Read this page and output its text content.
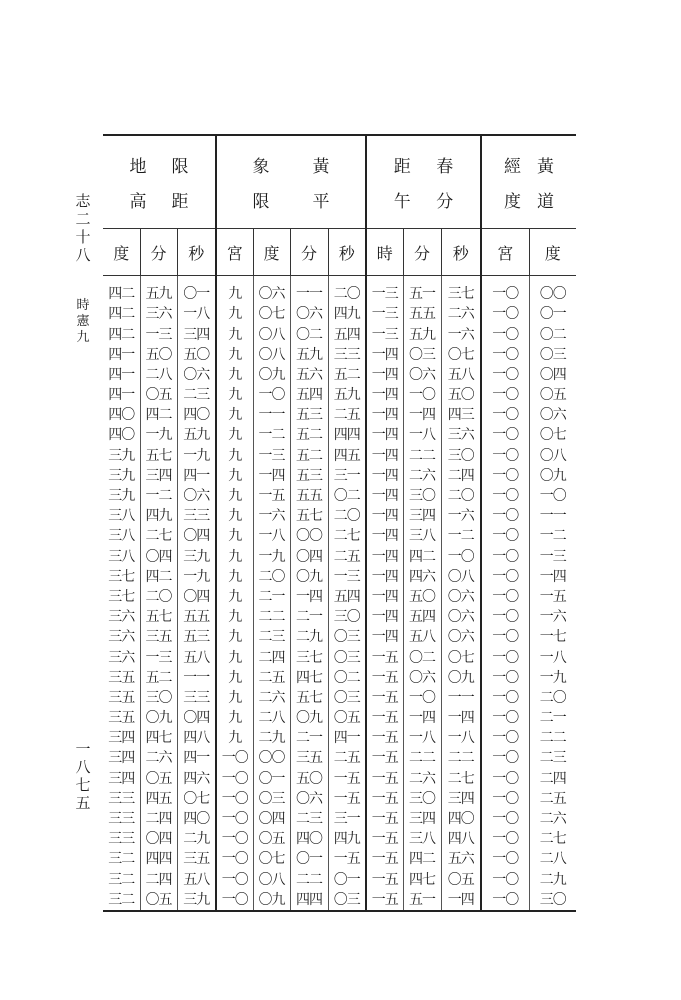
志
二
十
八
時
憲
九
一
八
七
五
地 限
高 距			象 黃
限 平				距 春
午 分			經 黃
度 道	

度	分	秒	宮	度	分	秒	時	分	秒	宮	度
四二	五九	〇一	九	〇六	一一	二〇	一三	五一	三七	一〇	〇〇
四二	三六	一八	九	〇七	〇六	四九	一三	五五	二六	一〇	〇一
四二	一三	三四	九	〇八	〇二	五四	一三	五九	一六	一〇	〇二
四一	五〇	五〇	九	〇八	五九	三三	一四	〇三	〇七	一〇	〇三
四一	二八	〇六	九	〇九	五六	五二	一四	〇六	五八	一〇	〇四
四一	〇五	二三	九	一〇	五四	五九	一四	一〇	五〇	一〇	〇五
四〇	四二	四〇	九	一一	五三	二五	一四	一四	四三	一〇	〇六
四〇	一九	五九	九	一二	五二	四四	一四	一八	三六	一〇	〇七
三九	五七	一九	九	一三	五二	四五	一四	二二	三〇	一〇	〇八
三九	三四	四一	九	一四	五三	三一	一四	二六	二四	一〇	〇九
三九	一二	〇六	九	一五	五五	〇二	一四	三〇	二〇	一〇	一〇
三八	四九	三三	九	一六	五七	二〇	一四	三四	一六	一〇	一一
三八	二七	〇四	九	一八	〇〇	二七	一四	三八	一二	一〇	一二
三八	〇四	三九	九	一九	〇四	二五	一四	四二	一〇	一〇	一三
三七	四二	一九	九	二〇	〇九	一三	一四	四六	〇八	一〇	一四
三七	二〇	〇四	九	二一	一四	五四	一四	五〇	〇六	一〇	一五
三六	五七	五五	九	二二	二一	三〇	一四	五四	〇六	一〇	一六
三六	三五	五三	九	二三	二九	〇三	一四	五八	〇六	一〇	一七
三六	一三	五八	九	二四	三七	〇三	一五	〇二	〇七	一〇	一八
三五	五二	一一	九	二五	四七	〇二	一五	〇六	〇九	一〇	一九
三五	三〇	三三	九	二六	五七	〇三	一五	一〇	一一	一〇	二〇
三五	〇九	〇四	九	二八	〇九	〇五	一五	一四	一四	一〇	二一
三四	四七	四八	九	二九	二一	四一	一五	一八	一八	一〇	二二
三四	二六	四一	一〇	〇〇	三五	二五	一五	二二	二二	一〇	二三
三四	〇五	四六	一〇	〇一	五〇	一五	一五	二六	二七	一〇	二四
三三	四五	〇七	一〇	〇三	〇六	一五	一五	三〇	三四	一〇	二五
三三	二四	四〇	一〇	〇四	二三	三一	一五	三四	四〇	一〇	二六
三三	〇四	二九	一〇	〇五	四〇	四九	一五	三八	四八	一〇	二七
三二	四四	三五	一〇	〇七	〇一	一五	一五	四二	五六	一〇	二八
三二	二四	五八	一〇	〇八	二二	〇一	一五	四七	〇五	一〇	二九
三二	〇五	三九	一〇	〇九	四四	〇三	一五	五一	一四	一〇	三〇
